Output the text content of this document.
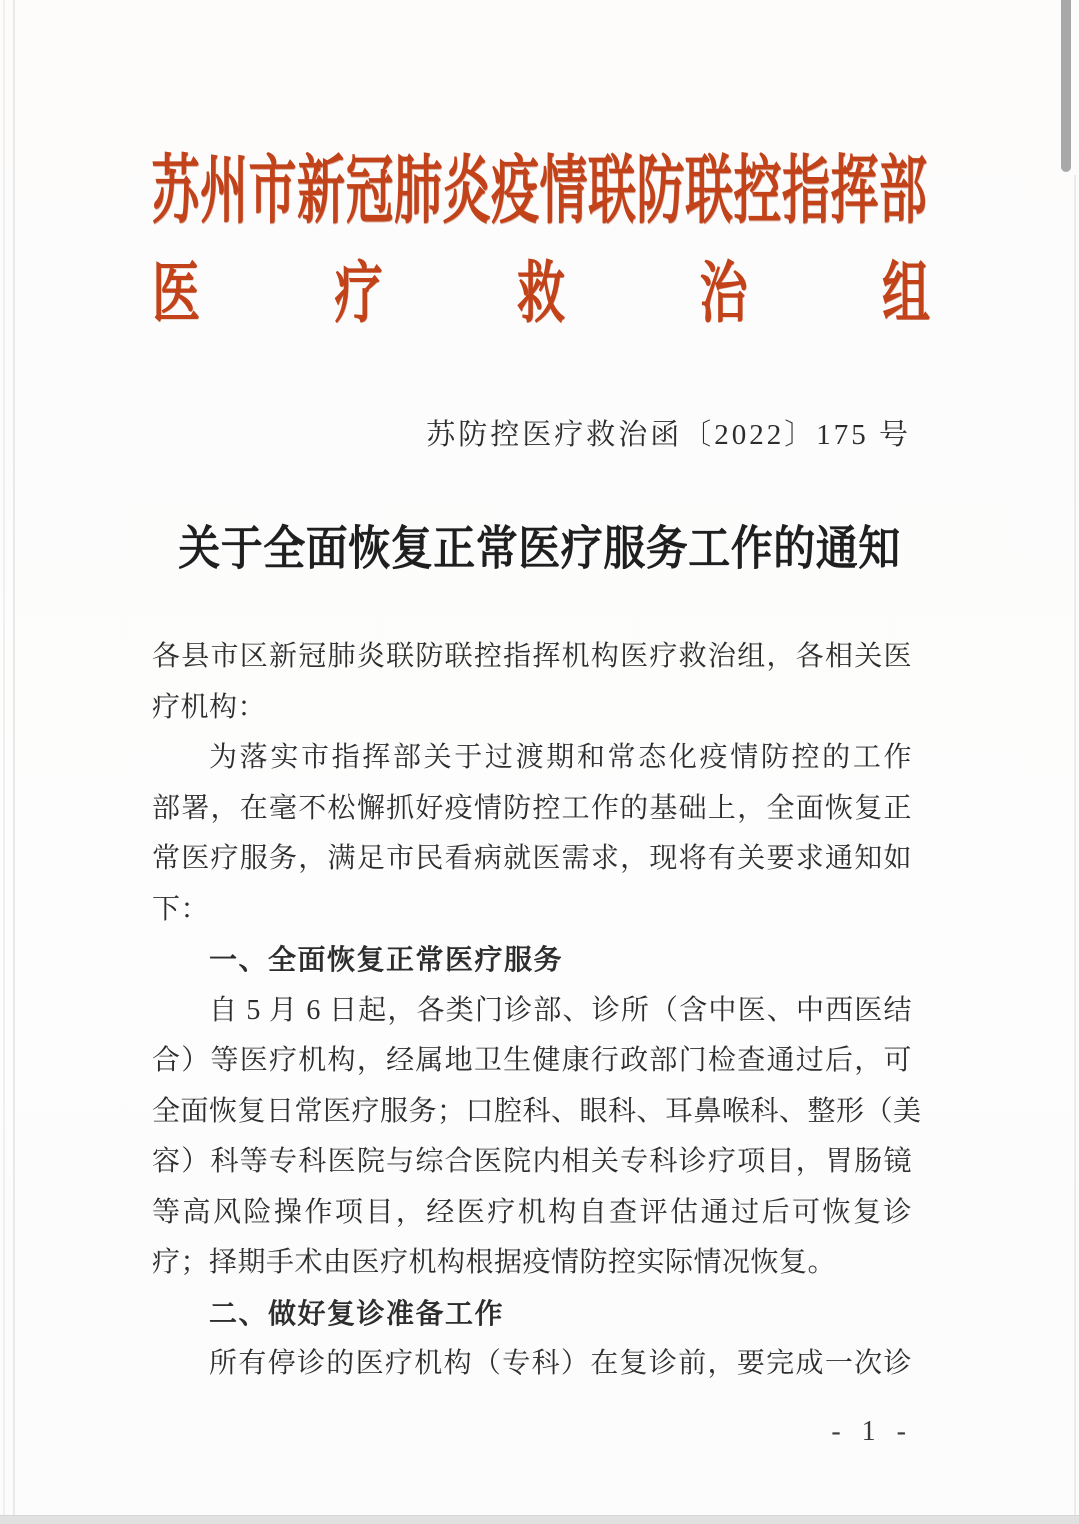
苏州市新冠肺炎疫情联防联控指挥部
医	疗	救	治	组
苏防控医疗救治函〔2022〕175 号
关于全面恢复正常医疗服务工作的通知
各县市区新冠肺炎联防联控指挥机构医疗救治组，各相关医
疗机构：
为落实市指挥部关于过渡期和常态化疫情防控的工作
部署，在毫不松懈抓好疫情防控工作的基础上，全面恢复正
常医疗服务，满足市民看病就医需求，现将有关要求通知如
下：
一、全面恢复正常医疗服务
自 5 月 6 日起，各类门诊部、诊所（含中医、中西医结
合）等医疗机构，经属地卫生健康行政部门检查通过后，可
全面恢复日常医疗服务；口腔科、眼科、耳鼻喉科、整形（美
容）科等专科医院与综合医院内相关专科诊疗项目，胃肠镜
等高风险操作项目，经医疗机构自查评估通过后可恢复诊
疗；择期手术由医疗机构根据疫情防控实际情况恢复。
二、做好复诊准备工作
所有停诊的医疗机构（专科）在复诊前，要完成一次诊
- 1 -
